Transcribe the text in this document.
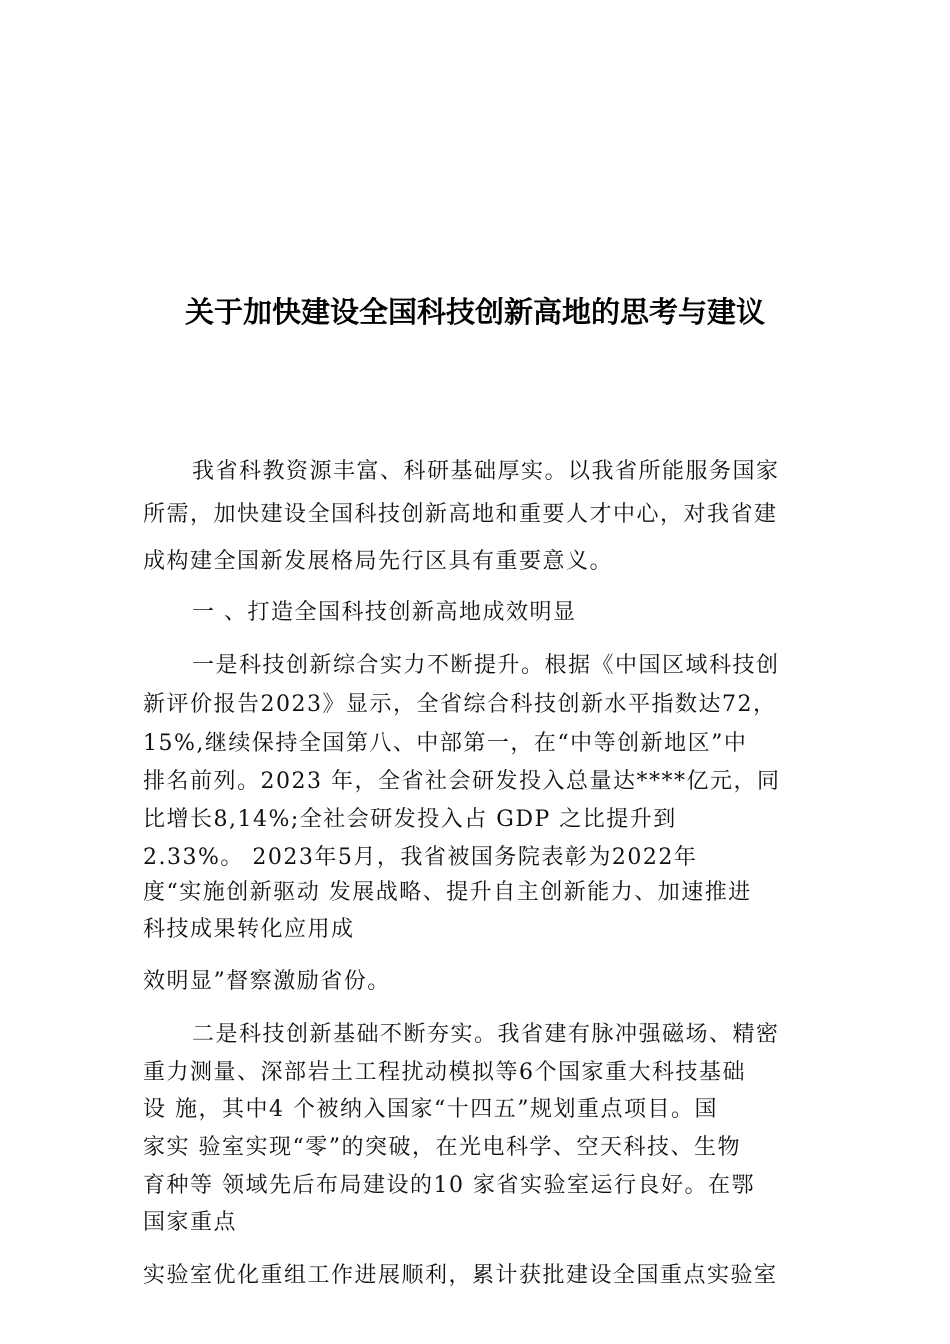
关于加快建设全国科技创新高地的思考与建议
我省科教资源丰富、科研基础厚实。以我省所能服务国家
所需，加快建设全国科技创新高地和重要人才中心，对我省建
成构建全国新发展格局先行区具有重要意义。
一 、打造全国科技创新高地成效明显
一是科技创新综合实力不断提升。根据《中国区域科技创
新评价报告2023》显示，全省综合科技创新水平指数达72，
15%,继续保持全国第八、中部第一，在“中等创新地区”中
排名前列。2023 年，全省社会研发投入总量达****亿元，同
比增长8,14%;全社会研发投入占 GDP 之比提升到
2.33%。 2023年5月，我省被国务院表彰为2022年
度“实施创新驱动 发展战略、提升自主创新能力、加速推进
科技成果转化应用成
效明显”督察激励省份。
二是科技创新基础不断夯实。我省建有脉冲强磁场、精密
重力测量、深部岩土工程扰动模拟等6个国家重大科技基础
设 施，其中4 个被纳入国家“十四五”规划重点项目。国
家实 验室实现“零”的突破，在光电科学、空天科技、生物
育种等 领域先后布局建设的10 家省实验室运行良好。在鄂
国家重点
实验室优化重组工作进展顺利，累计获批建设全国重点实验室
